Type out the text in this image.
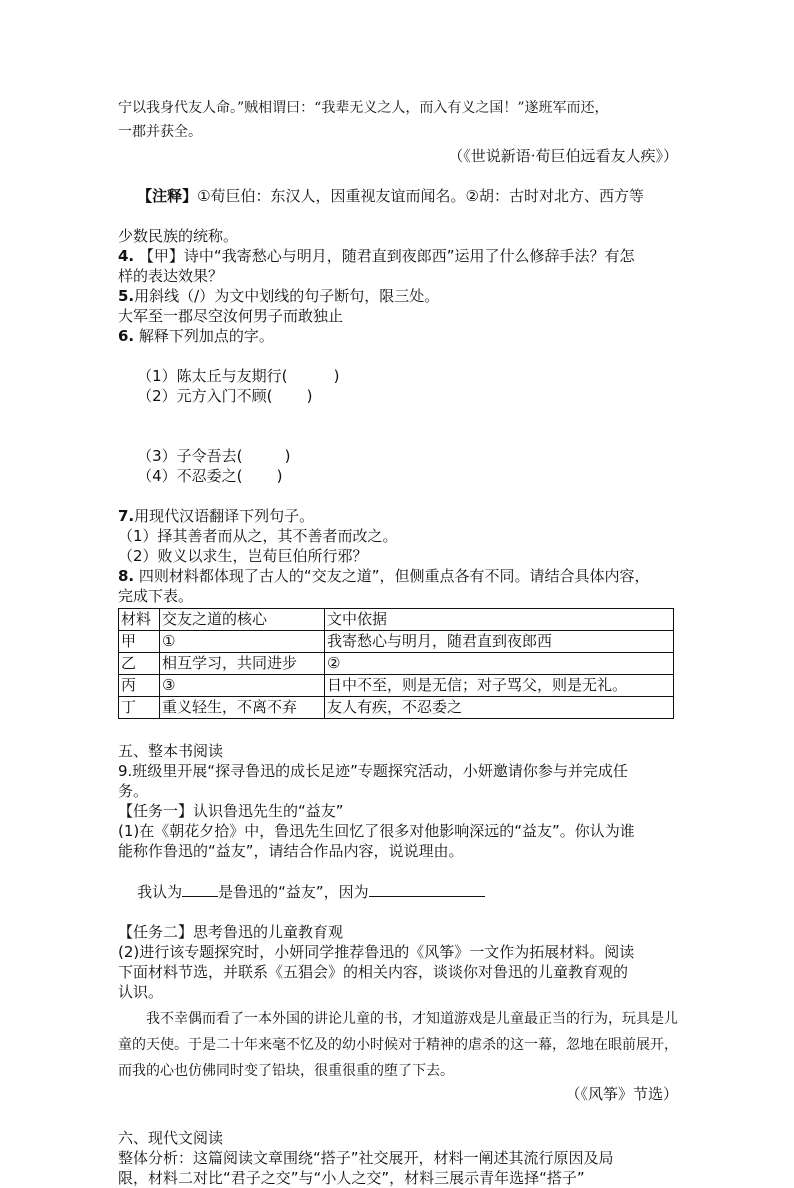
宁以我身代友人命。”贼相谓曰：“我辈无义之人，而入有义之国！”遂班军而还，
一郡并获全。
（《世说新语·荀巨伯远看友人疾》）

【注释】①荀巨伯：东汉人，因重视友谊而闻名。②胡：古时对北方、西方等

少数民族的统称。
4. 【甲】诗中“我寄愁心与明月，随君直到夜郎西”运用了什么修辞手法？有怎
样的表达效果？
5.用斜线（/）为文中划线的句子断句，限三处。
大军至一郡尽空汝何男子而敢独止
6. 解释下列加点的字。

（1）陈太丘与友期行(	)
（2）元方入门不顾( )

（3）子令吾去(	)
（4）不忍委之( )

7.用现代汉语翻译下列句子。
（1）择其善者而从之，其不善者而改之。
（2）败义以求生，岂荀巨伯所行邪？
8. 四则材料都体现了古人的“交友之道”，但侧重点各有不同。请结合具体内容，
完成下表。
材料	交友之道的核心	文中依据
甲	①	我寄愁心与明月，随君直到夜郎西
乙	相互学习，共同进步	②
丙	③	日中不至，则是无信；对子骂父，则是无礼。
丁	重义轻生，不离不弃	友人有疾，不忍委之
五、整本书阅读
9.班级里开展“探寻鲁迅的成长足迹”专题探究活动，小妍邀请你参与并完成任
务。
【任务一】认识鲁迅先生的“益友”
(1)在《朝花夕拾》中，鲁迅先生回忆了很多对他影响深远的“益友”。你认为谁
能称作鲁迅的“益友”，请结合作品内容，说说理由。

我认为 是鲁迅的“益友”，因为

【任务二】思考鲁迅的儿童教育观
(2)进行该专题探究时，小妍同学推荐鲁迅的《风筝》一文作为拓展材料。阅读
下面材料节选，并联系《五猖会》的相关内容，谈谈你对鲁迅的儿童教育观的
认识。
我不幸偶而看了一本外国的讲论儿童的书，才知道游戏是儿童最正当的行为，玩具是儿童的天使。于是二十年来毫不忆及的幼小时候对于精神的虐杀的这一幕，忽地在眼前展开，而我的心也仿佛同时变了铅块，很重很重的堕了下去。
（《风筝》节选）
六、现代文阅读
整体分析：这篇阅读文章围绕“搭子”社交展开，材料一阐述其流行原因及局
限，材料二对比“君子之交”与“小人之交”，材料三展示青年选择“搭子”
